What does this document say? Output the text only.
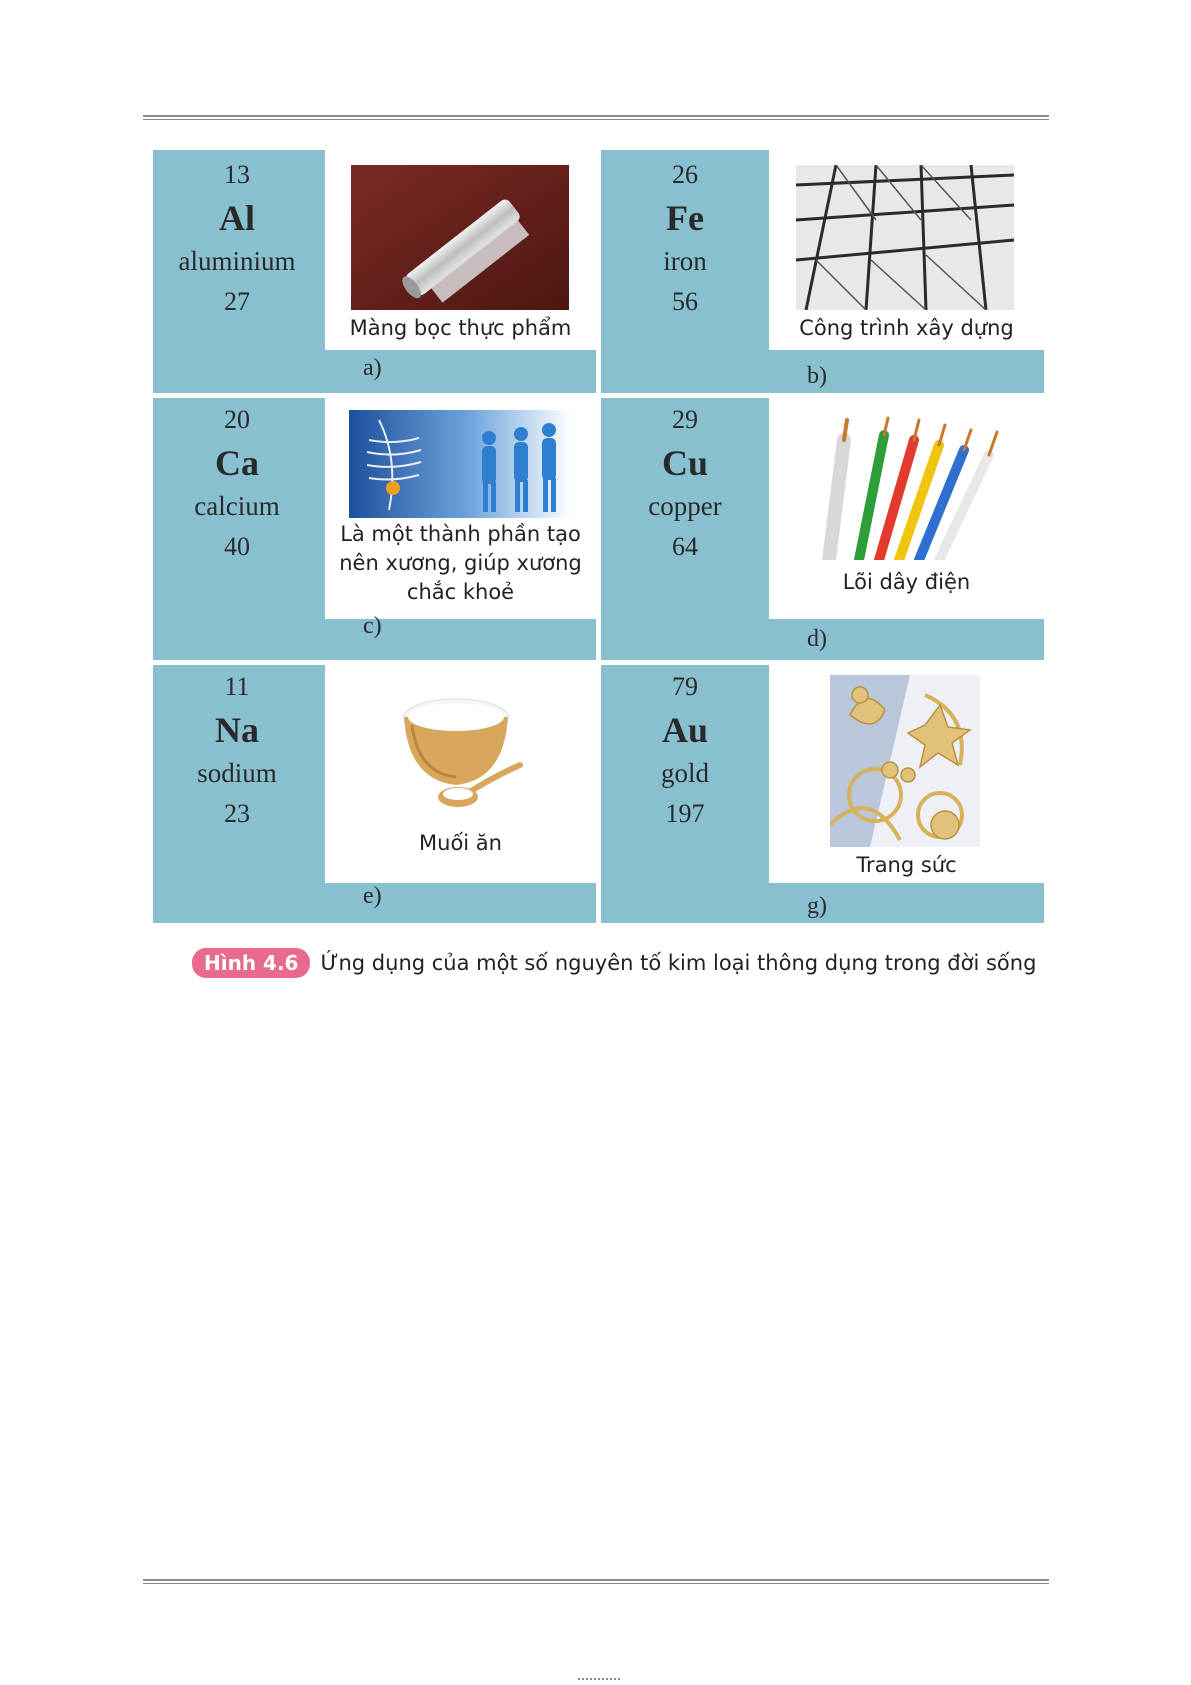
13
Al
aluminium
27
Màng bọc thực phẩm
a)
26
Fe
iron
56
Công trình xây dựng
b)
20
Ca
calcium
40	Là một thành phần tạo
nên xương, giúp xương
chắc khoẻ
c)
29
Cu
copper
64
Lõi dây điện
d)
11
Na
sodium
23
Muối ăn
e)
79
Au
gold
197
Trang sức
g)
Hình 4.6	Ứng dụng của một số nguyên tố kim loại thông dụng trong đời sống
